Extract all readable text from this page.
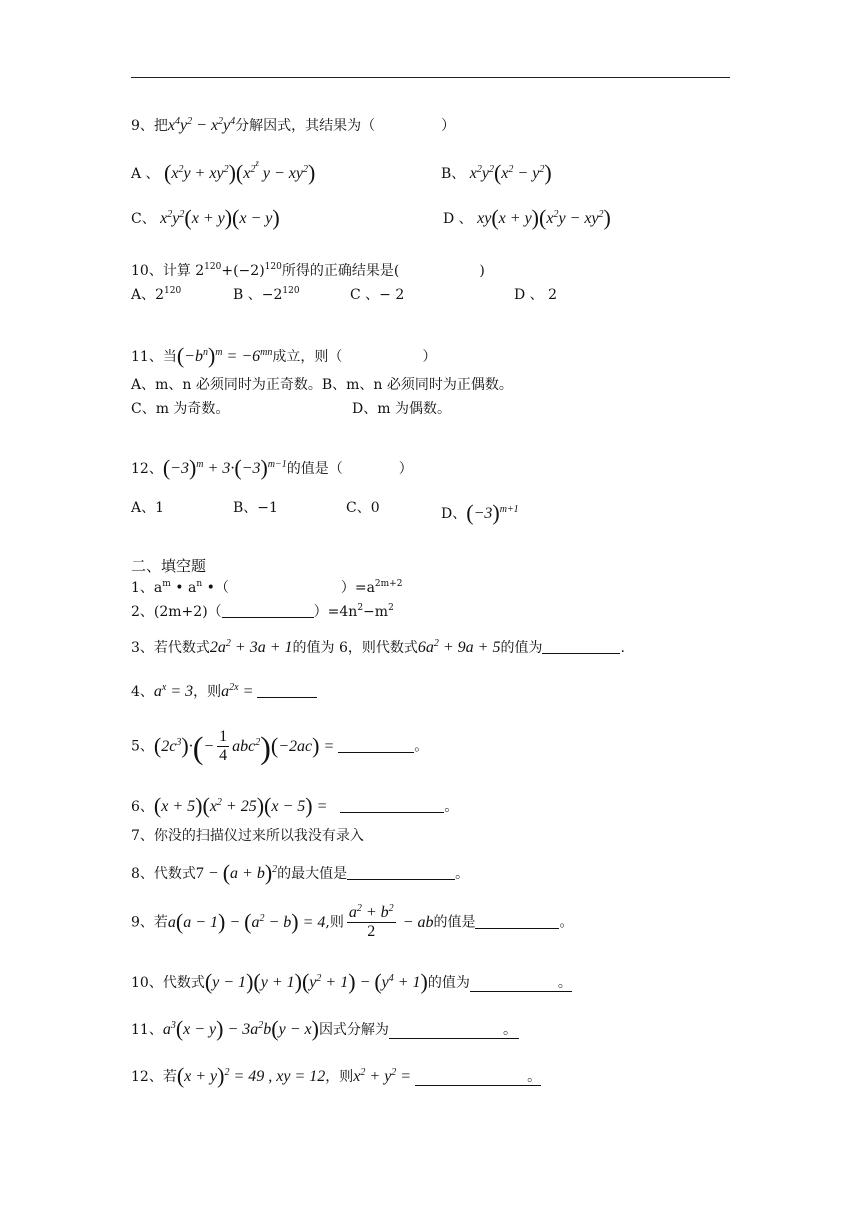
9、把$x^4y^2 - x^2y^4$分解因式，其结果为（	）
A 、 $(x^2y + xy^2)(x^{2z}$ $y - xy^2$)	B、 $x^2y^2(x^2 - y^2)$
C、 $x^2y^2(x + y)(x - y)$	D 、 $xy(x + y)(x^2y - xy^2)$
10、计算 $2^{120}+(-2)^{120}$所得的正确结果是(	)
A、$2^{120}$	B 、$-2^{120}$	C 、− 2	D 、 2
11、当$(-b^n)^m = -6^{mn}$成立，则（	）
A、m、n 必须同时为正奇数。B、m、n 必须同时为正偶数。
C、m 为奇数。	D、m 为偶数。
12、$(-3)^m + 3\cdot(-3)^{m-1}$的值是（	）
A、1	B、−1	C、0	D、$(-3)^{m+1}$
二、填空题
1、$a^m$ • $a^n$ •（	）$=a^{2m+2}$
2、(2m+2)（	）$=4n^2-m^2$
3、若代数式$2a^2 + 3a + 1$的值为 6，则代数式$6a^2 + 9a + 5$的值为	.
4、$a^x = 3$，则$a^{2x}$ =
5、$(2c^3)\cdot(- \frac{1}{4} abc^2)(-2ac)$ =	。
6、$(x + 5)(x^2 + 25)(x - 5)$ =	。
7、你没的扫描仪过来所以我没有录入
8、代数式$7 - (a + b)^2$的最大值是	。
9、若$a(a - 1) - (a^2 - b) = 4$,则 $\frac{a^2 + b^2}{2}$ − ab的值是	。
10、代数式$(y - 1)(y + 1)(y^2 + 1) - (y^4 + 1)$的值为	。
11、$a^3(x - y) - 3a^2b(y - x)$因式分解为	。
12、若$(x + y)^2 = 49$ , xy = 12，则$x^2 + y^2$ =	。
